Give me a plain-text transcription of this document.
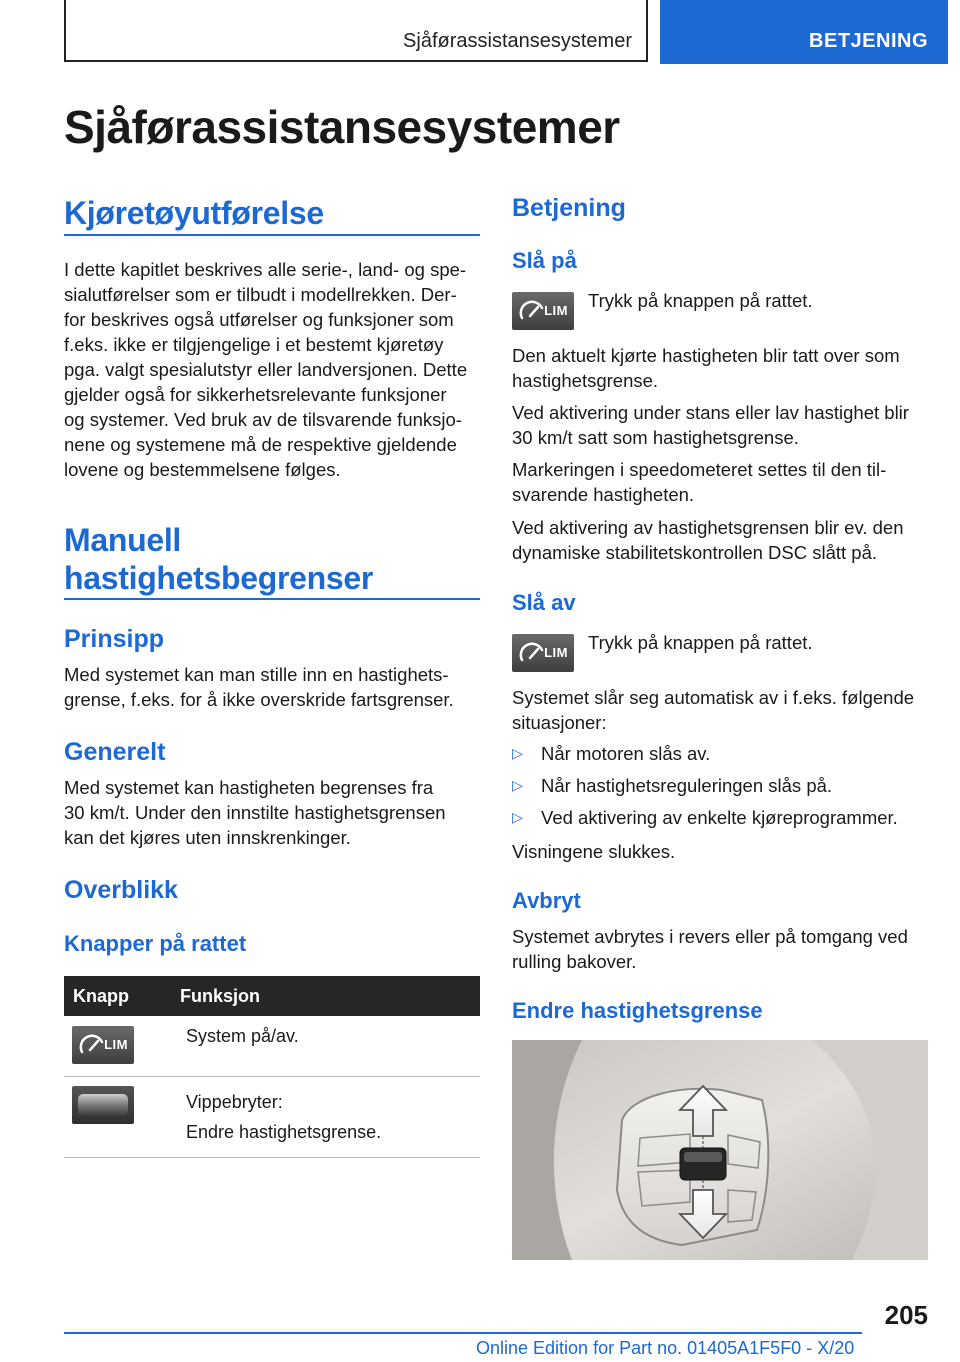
Sjåførassistansesystemer	BETJENING
Sjåførassistansesystemer
Kjøretøyutførelse
I dette kapitlet beskrives alle serie-, land- og spe-
sialutførelser som er tilbudt i modellrekken. Der-
for beskrives også utførelser og funksjoner som
f.eks. ikke er tilgjengelige i et bestemt kjøretøy
pga. valgt spesialutstyr eller landversjonen. Dette
gjelder også for sikkerhetsrelevante funksjoner
og systemer. Ved bruk av de tilsvarende funksjo-
nene og systemene må de respektive gjeldende
lovene og bestemmelsene følges.
Manuell
hastighetsbegrenser
Prinsipp
Med systemet kan man stille inn en hastighets-
grense, f.eks. for å ikke overskride fartsgrenser.
Generelt
Med systemet kan hastigheten begrenses fra
30 km/t. Under den innstilte hastighetsgrensen
kan det kjøres uten innskrenkinger.
Overblikk
Knapper på rattet
Knapp	Funksjon

LIM	System på/av.

	Vippebryter:
Endre hastighetsgrense.
Betjening
Slå på
LIM Trykk på knappen på rattet.
Den aktuelt kjørte hastigheten blir tatt over som
hastighetsgrense.
Ved aktivering under stans eller lav hastighet blir
30 km/t satt som hastighetsgrense.
Markeringen i speedometeret settes til den til-
svarende hastigheten.
Ved aktivering av hastighetsgrensen blir ev. den
dynamiske stabilitetskontrollen DSC slått på.
Slå av
LIM Trykk på knappen på rattet.
Systemet slår seg automatisk av i f.eks. følgende
situasjoner:
▷ Når motoren slås av.
▷ Når hastighetsreguleringen slås på.
▷ Ved aktivering av enkelte kjøreprogrammer.
Visningene slukkes.
Avbryt
Systemet avbrytes i revers eller på tomgang ved
rulling bakover.
Endre hastighetsgrense
205
Online Edition for Part no. 01405A1F5F0 - X/20
